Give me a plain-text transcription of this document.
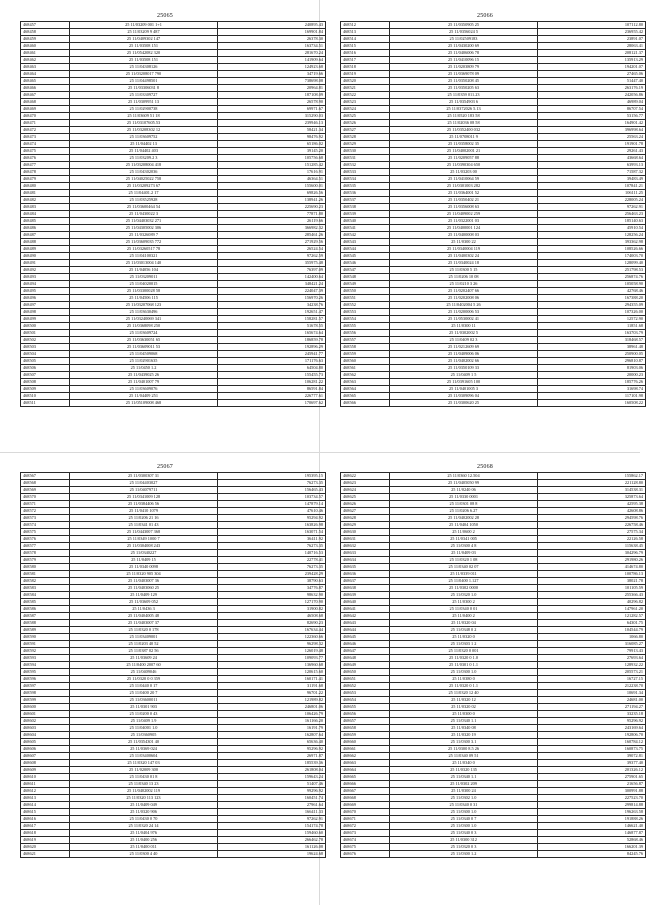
25065
468457	25 11/03209 001 1+1	240895.43
468458	25 11/03209 9 487	169901.84
468459	25 11/0409302 147	26378.30
468460	25 11/03508 151	163734.51
468461	25 11/0542082 320	281670.24
468462	25 11/03508 151	141909.64
468463	25 11/04308126	124923.68
468464	25 11/03208017 790	34719.66
468465	25 11/04498501	738698.08
468466	25 11/03306031 8	20964.81
468467	25 11/03309727	187108.09
468468	25 11/0309951 13	26578.90
468469	25 11/02900738	69971.67
468470	25 11/03609 51 18	315290.03
468471	25 11/03107605.53	239946.13
468472	25 11/03208302 12	58421.34
468473	25 11/03609752	98476.92
468474	25 11/04402 13	65186.02
468475	25 11/04402 403	39145.20
468476	25 11/03209.2 3	105756.68
468477	25 11/03208004 418	151285.42
468478	25 11/04302036	17616.91
468479	25 11/04025022 758	46364.51
468480	25 11/03209273 67	155600.01
468481	25 11/04401.2 17	69826.56
468482	25 11/03525928	138941.26
468483	25 11/03600464 54	225690.23
468484	25 11/0430022 3	77871.80
468485	25 11/04403032 271	26119.66
468486	25 11/04305002 306	366982.32
468487	25 11/0326089 7	285461.26
468488	25 11/03609035 772	271929.56
468489	25 11/03260517 78	26524.54
468490	25 11/04100321	97262.59
468491	25 11/03013004 140	355975.48
468492	25 11/04056 104	76397.09
468493	25 11/03209011	142400.64
468494	25 11/04020015	348421.24
468495	25 11/03300028 58	224047.39
468496	25 11/04506 115	156970.26
468497	25 11/03207068 123	34238.76
468498	25 11/03630496	192651.47
468499	25 11/03240069 341	158281.57
468500	25 11/0368098 250	51678.55
468501	25 11/03609724	165674.64
468502	25 11/03630051 65	186859.78
468503	25 11/03609011 53	192896.29
468504	25 11/04509068	245941.77
468505	25 11/02901635	171176.63
468506	25 11/0450 1.2	64504.80
468507	25 11/0439025 26	155455.73
468508	25 11/0401007 79	106281.22
468509	25 11/03609076	86591.84
468510	25 11/04409 251	226777.61
468511	25 11/05109008 468	170697.62
25066
468512	25 11/0350905 25	107112.80
468513	25 11/0356024 5	236955.42
468514	25 11/02509183	23891.07
468515	25 11/0430200 69	28063.41
468516	25 11/0406006 78	208121.37
468517	25 11/0410096 15	135913.29
468518	25 11/0203809 79	194201.07
468519	25 11/0369078 09	27465.06
468520	25 11/0350208 45	51447.40
468521	25 11/0350205 63	263176.19
468522	25 11/0359 011.23	242056.86
468523	25 11/0354903 6	46989.04
468524	25 11/0372026 5.13	86707.54
468525	25 11/0520 183 58	53156.77
468526	25 11/02036 08 58	164901.42
468527	25 11/0352400 032	396998.64
468528	25 11/0708011 9	25563.24
468529	25 11/0358002 35	191901.78
468530	25 11/04002001 21	29261.43
468531	25 11/0209057 88	43668.64
468532	25 11/0390304 650	63993.13
468533	25 11/03203 00	71587.32
468534	25 11/0410064 59	39483.49
468535	25 11/0301003 282	107841.21
468536	25 11/0364001 52	106111.25
468537	25 11/0350402 21	228005.24
468538	25 11/0356008 63	97262.91
468539	25 11/0409002 259	256463.23
468540	25 11/0322001 03	185140.63
468541	25 11/0400001 124	45910.54
468542	25 11/0400008 03	128256.24
468543	25 11/0300 22	393362.98
468544	25 11/0340004 119	108526.66
468545	25 11/0400302 24	174003.70
468546	25 11/0340024 18	128099.40
468547	25 11/0300 5 15	251798.53
468548	25 11/0206 10 08	256874.76
468549	25 11/0210 3 26	105058.90
468550	25 11/0202407 66	42768.46
468551	25 11/0202008 06	167388.20
468552	25 11/0402004 5 26	294355.09
468553	25 11/0200006 53	107326.00
468554	25 11/0530002 41	12572.90
468555	25 11/0300 11	11851.68
468556	25 11/0302002 5	163703.79
468557	25 11/0409 02 3	318468.57
468558	25 11/0212609 69	38961.48
468559	25 11/0409006 06	250900.05
468560	25 11/0402002 66	296810.87
468561	25 11/0350109 33	81903.06
468562	25 11/0409 1 5	20000.23
468563	25 11/0391605 100	185776.26
468564	25 11/0401005 3	31698.74
468565	25 11/0309096 04	117101.98
468566	25 11/0300620 25	160508.22
25067
468567	25 11/0300307 31	195395.15
468568	25 11/04403027	76273.35
468569	25 11/04079711	156465.43
468570	25 11/0341009 128	103734.57
468571	25 11/0384406 56	147879.14
468572	25 11/0410 1079	47610.46
468573	25 11/0206 21 16	95294.92
468574	25 11/0341 01 43	163826.98
468575	25 11/0443007 368	163071.54
468576	25 11/0349 1000 7	36411.92
468577	25 11/0304008 243	76273.35
468578	25 11/0340227	140716.53
468579	25 11/0409 15	22778.41
468580	25 11/0340 0098	76273.35
468581	25 11/0320 905 304	239428.29
468582	25 11/0403007 36	38790.63
468583	25 11/0403060 25	34776.87
468584	25 11/0409 129	98632.90
468585	25 11/03609 052	127170.90
468586	25 11/0436 3	31900.82
468587	25 11/0404005 48	46508.68
468588	25 11/0403007 37	82690.23
468589	25 11/0320 0 178	167634.44
468590	25 11/03409001	122360.66
468591	25 11/0203 40 52	96298.32
468592	25 11/0387 02 56	126019.48
468593	25 11/03609 24	109093.77
468594	25 11/0400 2007 60	136960.68
468595	25 11/0409046	120615.60
468596	25 11/0320 0 0 359	160171.41
468597	25 11/0440 0 17	31191.68
468598	25 11/0400 20 7	96701.22
468599	25 11/03600011	121989.82
468600	25 11/0301 903	246801.06
468601	25 11/0200 0 43	106426.79
468602	25 11/0409 1.9	161166.20
468603	25 11/04001 1.0	16191.79
468604	25 11/0360905	162807.64
468605	25 11/0354301 40	65636.40
468606	25 11/0369 024	95296.92
468607	25 11/03400604	26971.87
468608	25 11/0320 147 03	185539.36
468609	25 11/02009 300	261808.04
468610	25 11/0430 01 8	159643.24
468611	25 11/0340 13 23	51407.46
468612	25 11/0402002 119	99296.92
468613	25 11/0320 113 123	160451.74
468614	25 11/0409 049	27961.64
468615	25 11/0320 906	166411.33
468616	25 11/0430 0 70	97262.91
468617	25 11/0320 24 14	154174.78
468618	25 11/0404 976	159460.60
468619	25 11/0400 256	266462.78
468620	25 11/0400 011	161126.08
468621	25 11/0300 4 40	19624.68
25068
468622	25 11/0360 12.504	155862.17
468623	25 11/0405050 99	221128.80
468624	25 11/0240 06	314538.31
468625	25 11/0330 0001	325873.64
468626	25 11/0301 08 8	42595.38
468627	25 11/0206 6.27	42608.86
468628	25 11/0402002 28	294598.76
468629	25 11/0404 1050	226758.46
468630	25 11/0600 2	27575.34
468631	25 11/0341 005	22126.58
468632	25 11/0300 4 8	115638.45
468633	25 11/0409 03	304296.79
468634	25 11/0320 1 08	291980.26
468635	25 11/0340 02 07	414674.80
468636	25 11/0339 011	100786.13
468637	25 11/0400 1.127	38021.78
468638	25 11/0302 0000	101105.59
468639	25 11/0320 1.0	255366.43
468640	25 11/0300 2	40296.82
468641	25 11/0340 0 01	147961.20
468642	25 11/0400 2	121282.57
468643	25 11/0320 04	64301.75
468644	25 11/0348 0 2	104544.79
468645	25 11/0320 0	1066.80
468646	25 11/0303 1 2	316085.27
468647	25 11/0320 0 001	79913.43
468648	25 11/0320 0 1.0	27693.64
468649	25 11/0301 0 1.1	128932.22
468650	25 11/0300 1.0	205573.21
468651	25 11/0380 0	16727.15
468652	25 11/0320 0 1.1	212238.70
468653	25 11/0320 12 40	10691.34
468654	25 11/0320 12	24681.00
468655	25 11/0320 02	271194.27
468656	25 11/0300 0	33235.18
468657	25 11/0340 1.1	95296.92
468658	25 11/0340 08	243169.64
468659	25 11/0320 19	192806.70
468660	25 11/0300 3.1	160784.12
468661	25 11/0300 8.5 26	160873.75
468662	25 11/0340 09 51	39072.81
468663	25 11/0340 0	39377.40
468664	25 11/0320 135	201326.12
468665	25 11/0340 1.1	275901.65
468666	25 11/0302 209	21656.87
468667	25 11/0300 24	300991.88
468668	25 11/0302 1.0	227523.70
468669	25 11/0340 0 31	299814.88
468670	25 11/0300 1.0	196263.58
468671	25 11/0340 0 7	191888.26
468672	25 11/0300 1.0	146621.40
468673	25 11/0340 0 3	146877.87
468674	25 11/0300 312	52868.46
468675	25 11/0320 0 3	166201.39
468676	25 11/0300 1.2	84245.76
